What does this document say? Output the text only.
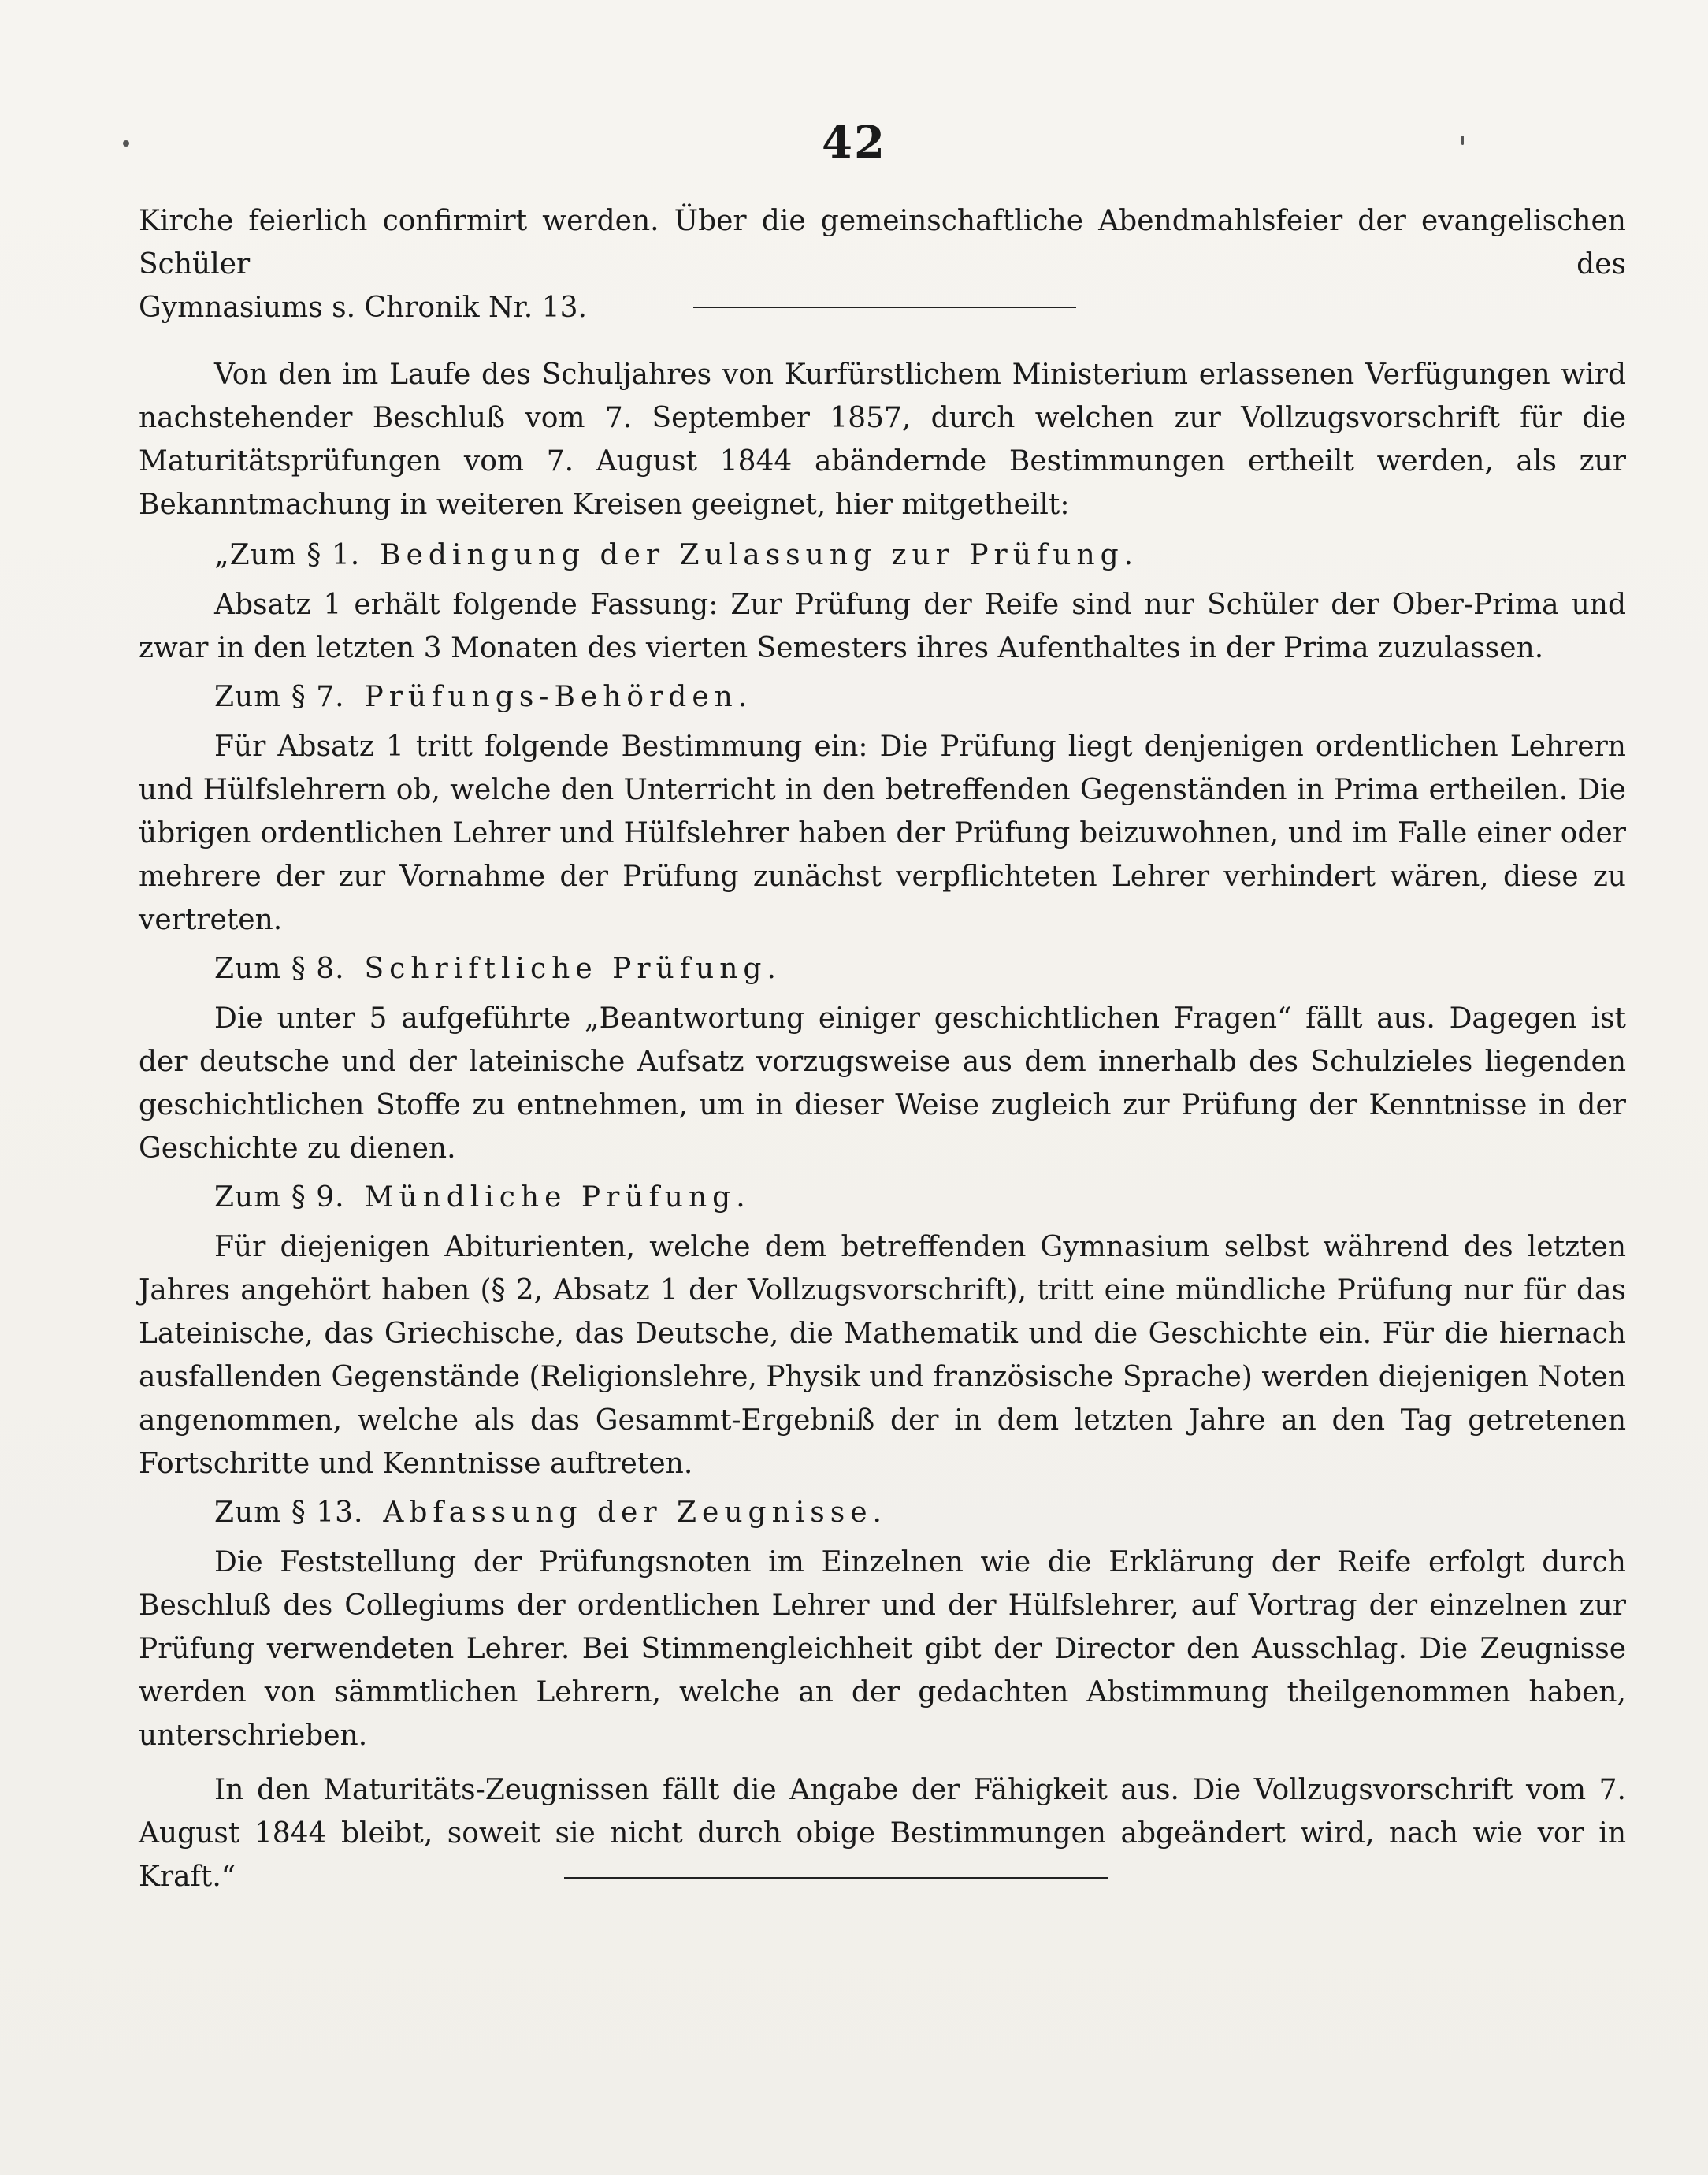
42

Kirche feierlich confirmirt werden. Über die gemeinschaftliche Abendmahlsfeier der evangelischen Schüler des

Gymnasiums s. Chronik Nr. 13.

Von den im Laufe des Schuljahres von Kurfürstlichem Ministerium erlassenen Verfügungen wird nachstehender Beschluß vom 7. September 1857, durch welchen zur Vollzugsvorschrift für die Maturitätsprüfungen vom 7. August 1844 abändernde Bestimmungen ertheilt werden, als zur Bekanntmachung in weiteren Kreisen geeignet, hier mitgetheilt:

„Zum § 1. Bedingung der Zulassung zur Prüfung.

Absatz 1 erhält folgende Fassung: Zur Prüfung der Reife sind nur Schüler der Ober-Prima und zwar in den letzten 3 Monaten des vierten Semesters ihres Aufenthaltes in der Prima zuzulassen.

Zum § 7. Prüfungs-Behörden.

Für Absatz 1 tritt folgende Bestimmung ein: Die Prüfung liegt denjenigen ordentlichen Lehrern und Hülfslehrern ob, welche den Unterricht in den betreffenden Gegenständen in Prima ertheilen. Die übrigen ordentlichen Lehrer und Hülfslehrer haben der Prüfung beizuwohnen, und im Falle einer oder mehrere der zur Vornahme der Prüfung zunächst verpflichteten Lehrer verhindert wären, diese zu vertreten.

Zum § 8. Schriftliche Prüfung.

Die unter 5 aufgeführte „Beantwortung einiger geschichtlichen Fragen“ fällt aus. Dagegen ist der deutsche und der lateinische Aufsatz vorzugsweise aus dem innerhalb des Schulzieles liegenden geschichtlichen Stoffe zu entnehmen, um in dieser Weise zugleich zur Prüfung der Kenntnisse in der Geschichte zu dienen.

Zum § 9. Mündliche Prüfung.

Für diejenigen Abiturienten, welche dem betreffenden Gymnasium selbst während des letzten Jahres angehört haben (§ 2, Absatz 1 der Vollzugsvorschrift), tritt eine mündliche Prüfung nur für das Lateinische, das Griechische, das Deutsche, die Mathematik und die Geschichte ein. Für die hiernach ausfallenden Gegenstände (Religionslehre, Physik und französische Sprache) werden diejenigen Noten angenommen, welche als das Gesammt-Ergebniß der in dem letzten Jahre an den Tag getretenen Fortschritte und Kenntnisse auftreten.

Zum § 13. Abfassung der Zeugnisse.

Die Feststellung der Prüfungsnoten im Einzelnen wie die Erklärung der Reife erfolgt durch Beschluß des Collegiums der ordentlichen Lehrer und der Hülfslehrer, auf Vortrag der einzelnen zur Prüfung verwendeten Lehrer. Bei Stimmengleichheit gibt der Director den Ausschlag. Die Zeugnisse werden von sämmtlichen Lehrern, welche an der gedachten Abstimmung theilgenommen haben, unterschrieben.

In den Maturitäts-Zeugnissen fällt die Angabe der Fähigkeit aus. Die Vollzugsvorschrift vom 7. August 1844 bleibt, soweit sie nicht durch obige Bestimmungen abgeändert wird, nach wie vor in Kraft.“
